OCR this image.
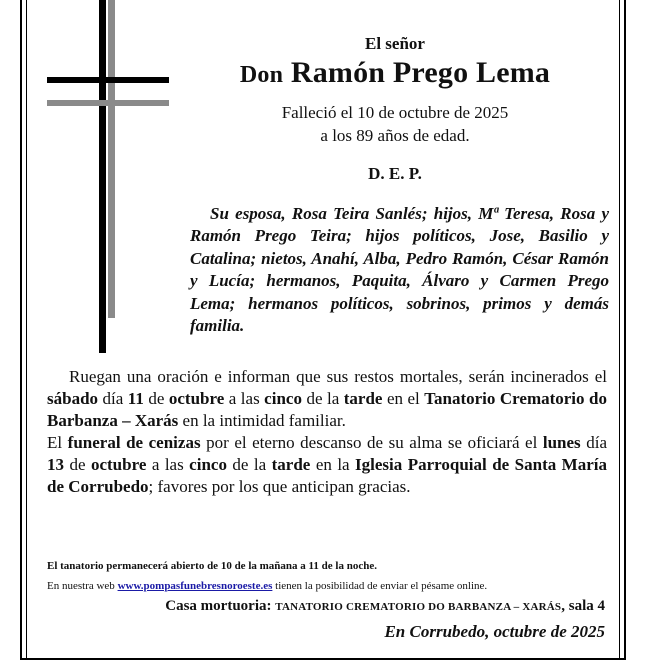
El señor
Don Ramón Prego Lema
Falleció el 10 de octubre de 2025
a los 89 años de edad.
D. E. P.
Su esposa, Rosa Teira Sanlés; hijos, Mª Teresa, Rosa y Ramón Prego Teira; hijos políticos, Jose, Basilio y Catalina; nietos, Anahí, Alba, Pedro Ramón, César Ramón y Lucía; hermanos, Paquita, Álvaro y Carmen Prego Lema; hermanos políticos, sobrinos, primos y demás familia.

Ruegan una oración e informan que sus restos mortales, serán incinerados el sábado día 11 de octubre a las cinco de la tarde en el Tanatorio Crematorio do Barbanza – Xarás en la intimidad familiar.

El funeral de cenizas por el eterno descanso de su alma se oficiará el lunes día 13 de octubre a las cinco de la tarde en la Iglesia Parroquial de Santa María de Corrubedo; favores por los que anticipan gracias.

El tanatorio permanecerá abierto de 10 de la mañana a 11 de la noche.
En nuestra web www.pompasfunebresnoroeste.es tienen la posibilidad de enviar el pésame online.
Casa mortuoria: TANATORIO CREMATORIO DO BARBANZA – XARÁS, sala 4
En Corrubedo, octubre de 2025
